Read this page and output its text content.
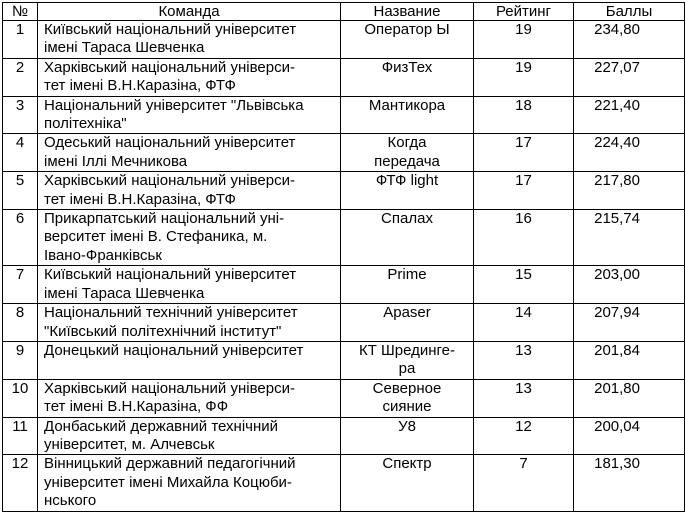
№	Команда	Название	Рейтинг	Баллы
1	Київський національний університет
імені Тараса Шевченка	Оператор Ы	19	234,80
2	Харківський національний універси-
тет імені В.Н.Каразіна, ФТФ	ФизТех	19	227,07
3	Національний університет "Львівська
політехніка"	Мантикора	18	221,40
4	Одеський національний університет
імені Іллі Мечникова	Когда
передача	17	224,40
5	Харківський національний універси-
тет імені В.Н.Каразіна, ФТФ	ФТФ light	17	217,80
6	Прикарпатський національний уні-
верситет імені В. Стефаника, м.
Івано-Франківськ	Спалах	16	215,74
7	Київський національний університет
імені Тараса Шевченка	Prime	15	203,00
8	Національний технічний університет
"Київський політехнічний інститут"	Apaser	14	207,94
9	Донецький національний університет	КТ Шрединге-
ра	13	201,84
10	Харківський національний універси-
тет імені В.Н.Каразіна, ФФ	Северное
сияние	13	201,80
11	Донбаський державний технічний
університет, м. Алчевськ	У8	12	200,04
12	Вінницький державний педагогічний
університет імені Михайла Коцюби-
нського	Спектр	7	181,30
